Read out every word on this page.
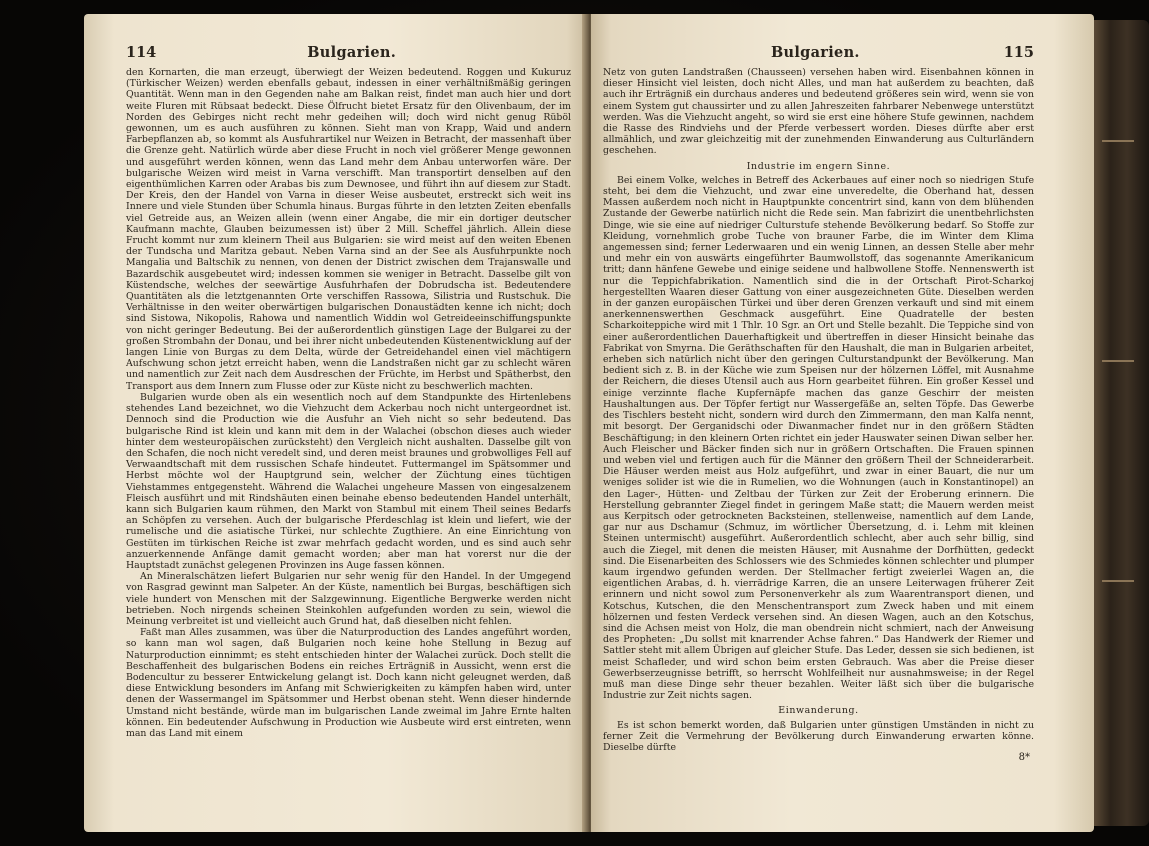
114	Bulgarien.

den Kornarten, die man erzeugt, überwiegt der Weizen bedeutend. Roggen und Kukuruz (Türkischer Weizen) werden ebenfalls gebaut, indessen in einer verhältnißmäßig geringen Quantität. Wenn man in den Gegenden nahe am Balkan reist, findet man auch hier und dort weite Fluren mit Rübsaat bedeckt. Diese Ölfrucht bietet Ersatz für den Olivenbaum, der im Norden des Gebirges nicht recht mehr gedeihen will; doch wird nicht genug Rüböl gewonnen, um es auch ausführen zu können. Sieht man von Krapp, Waid und andern Farbepflanzen ab, so kommt als Ausfuhrartikel nur Weizen in Betracht, der massenhaft über die Grenze geht. Natürlich würde aber diese Frucht in noch viel größerer Menge gewonnen und ausgeführt werden können, wenn das Land mehr dem Anbau unterworfen wäre. Der bulgarische Weizen wird meist in Varna verschifft. Man transportirt denselben auf den eigenthümlichen Karren oder Arabas bis zum Dewnosee, und führt ihn auf diesem zur Stadt. Der Kreis, den der Handel von Varna in dieser Weise ausbeutet, erstreckt sich weit ins Innere und viele Stunden über Schumla hinaus. Burgas führte in den letzten Zeiten ebenfalls viel Getreide aus, an Weizen allein (wenn einer Angabe, die mir ein dortiger deutscher Kaufmann machte, Glauben beizumessen ist) über 2 Mill. Scheffel jährlich. Allein diese Frucht kommt nur zum kleinern Theil aus Bulgarien: sie wird meist auf den weiten Ebenen der Tundscha und Maritza gebaut. Neben Varna sind an der See als Ausfuhrpunkte noch Mangalia und Baltschik zu nennen, von denen der District zwischen dem Trajanswalle und Bazardschik ausgebeutet wird; indessen kommen sie weniger in Betracht. Dasselbe gilt von Küstendsche, welches der seewärtige Ausfuhrhafen der Dobrudscha ist. Bedeutendere Quantitäten als die letztgenannten Orte verschiffen Rassowa, Silistria und Rustschuk. Die Verhältnisse in den weiter oberwärtigen bulgarischen Donaustädten kenne ich nicht; doch sind Sistowa, Nikopolis, Rahowa und namentlich Widdin wol Getreideeinschiffungspunkte von nicht geringer Bedeutung. Bei der außerordentlich günstigen Lage der Bulgarei zu der großen Strombahn der Donau, und bei ihrer nicht unbedeutenden Küstenentwicklung auf der langen Linie von Burgas zu dem Delta, würde der Getreidehandel einen viel mächtigern Aufschwung schon jetzt erreicht haben, wenn die Landstraßen nicht gar zu schlecht wären und namentlich zur Zeit nach dem Ausdreschen der Früchte, im Herbst und Spätherbst, den Transport aus dem Innern zum Flusse oder zur Küste nicht zu beschwerlich machten.

Bulgarien wurde oben als ein wesentlich noch auf dem Standpunkte des Hirtenlebens stehendes Land bezeichnet, wo die Viehzucht dem Ackerbau noch nicht untergeordnet ist. Dennoch sind die Production wie die Ausfuhr an Vieh nicht so sehr bedeutend. Das bulgarische Rind ist klein und kann mit dem in der Walachei (obschon dieses auch wieder hinter dem westeuropäischen zurücksteht) den Vergleich nicht aushalten. Dasselbe gilt von den Schafen, die noch nicht veredelt sind, und deren meist braunes und grobwolliges Fell auf Verwaandtschaft mit dem russischen Schafe hindeutet. Futtermangel im Spätsommer und Herbst möchte wol der Hauptgrund sein, welcher der Züchtung eines tüchtigen Viehstammes entgegensteht. Während die Walachei ungeheure Massen von eingesalzenem Fleisch ausführt und mit Rindshäuten einen beinahe ebenso bedeutenden Handel unterhält, kann sich Bulgarien kaum rühmen, den Markt von Stambul mit einem Theil seines Bedarfs an Schöpfen zu versehen. Auch der bulgarische Pferdeschlag ist klein und liefert, wie der rumelische und die asiatische Türkei, nur schlechte Zugthiere. An eine Einrichtung von Gestüten im türkischen Reiche ist zwar mehrfach gedacht worden, und es sind auch sehr anzuerkennende Anfänge damit gemacht worden; aber man hat vorerst nur die der Hauptstadt zunächst gelegenen Provinzen ins Auge fassen können.

An Mineralschätzen liefert Bulgarien nur sehr wenig für den Handel. In der Umgegend von Rasgrad gewinnt man Salpeter. An der Küste, namentlich bei Burgas, beschäftigen sich viele hundert von Menschen mit der Salzgewinnung. Eigentliche Bergwerke werden nicht betrieben. Noch nirgends scheinen Steinkohlen aufgefunden worden zu sein, wiewol die Meinung verbreitet ist und vielleicht auch Grund hat, daß dieselben nicht fehlen.

Faßt man Alles zusammen, was über die Naturproduction des Landes angeführt worden, so kann man wol sagen, daß Bulgarien noch keine hohe Stellung in Bezug auf Naturproduction einnimmt; es steht entschieden hinter der Walachei zurück. Doch stellt die Beschaffenheit des bulgarischen Bodens ein reiches Erträgniß in Aussicht, wenn erst die Bodencultur zu besserer Entwickelung gelangt ist. Doch kann nicht geleugnet werden, daß diese Entwicklung besonders im Anfang mit Schwierigkeiten zu kämpfen haben wird, unter denen der Wassermangel im Spätsommer und Herbst obenan steht. Wenn dieser hindernde Umstand nicht bestände, würde man im bulgarischen Lande zweimal im Jahre Ernte halten können. Ein bedeutender Aufschwung in Production wie Ausbeute wird erst eintreten, wenn man das Land mit einem

Bulgarien.	115

Netz von guten Landstraßen (Chausseen) versehen haben wird. Eisenbahnen können in dieser Hinsicht viel leisten, doch nicht Alles, und man hat außerdem zu beachten, daß auch ihr Erträgniß ein durchaus anderes und bedeutend größeres sein wird, wenn sie von einem System gut chaussirter und zu allen Jahreszeiten fahrbarer Nebenwege unterstützt werden. Was die Viehzucht angeht, so wird sie erst eine höhere Stufe gewinnen, nachdem die Rasse des Rindviehs und der Pferde verbessert worden. Dieses dürfte aber erst allmählich, und zwar gleichzeitig mit der zunehmenden Einwanderung aus Culturländern geschehen.

Industrie im engern Sinne.

Bei einem Volke, welches in Betreff des Ackerbaues auf einer noch so niedrigen Stufe steht, bei dem die Viehzucht, und zwar eine unveredelte, die Oberhand hat, dessen Massen außerdem noch nicht in Hauptpunkte concentrirt sind, kann von dem blühenden Zustande der Gewerbe natürlich nicht die Rede sein. Man fabrizirt die unentbehrlichsten Dinge, wie sie eine auf niedriger Culturstufe stehende Bevölkerung bedarf. So Stoffe zur Kleidung, vornehmlich grobe Tuche von brauner Farbe, die im Winter dem Klima angemessen sind; ferner Lederwaaren und ein wenig Linnen, an dessen Stelle aber mehr und mehr ein von auswärts eingeführter Baumwollstoff, das sogenannte Amerikanicum tritt; dann hänfene Gewebe und einige seidene und halbwollene Stoffe. Nennenswerth ist nur die Teppichfabrikation. Namentlich sind die in der Ortschaft Pirot-Scharkoj hergestellten Waaren dieser Gattung von einer ausgezeichneten Güte. Dieselben werden in der ganzen europäischen Türkei und über deren Grenzen verkauft und sind mit einem anerkennenswerthen Geschmack ausgeführt. Eine Quadratelle der besten Scharkoiteppiche wird mit 1 Thlr. 10 Sgr. an Ort und Stelle bezahlt. Die Teppiche sind von einer außerordentlichen Dauerhaftigkeit und übertreffen in dieser Hinsicht beinahe das Fabrikat von Smyrna. Die Geräthschaften für den Haushalt, die man in Bulgarien arbeitet, erheben sich natürlich nicht über den geringen Culturstandpunkt der Bevölkerung. Man bedient sich z. B. in der Küche wie zum Speisen nur der hölzernen Löffel, mit Ausnahme der Reichern, die dieses Utensil auch aus Horn gearbeitet führen. Ein großer Kessel und einige verzinnte flache Kupfernäpfe machen das ganze Geschirr der meisten Haushaltungen aus. Der Töpfer fertigt nur Wassergefäße an, selten Töpfe. Das Gewerbe des Tischlers besteht nicht, sondern wird durch den Zimmermann, den man Kalfa nennt, mit besorgt. Der Gerganidschi oder Diwanmacher findet nur in den größern Städten Beschäftigung; in den kleinern Orten richtet ein jeder Hauswater seinen Diwan selber her. Auch Fleischer und Bäcker finden sich nur in größern Ortschaften. Die Frauen spinnen und weben viel und fertigen auch für die Männer den größern Theil der Schneiderarbeit. Die Häuser werden meist aus Holz aufgeführt, und zwar in einer Bauart, die nur um weniges solider ist wie die in Rumelien, wo die Wohnungen (auch in Konstantinopel) an den Lager-, Hütten- und Zeltbau der Türken zur Zeit der Eroberung erinnern. Die Herstellung gebrannter Ziegel findet in geringem Maße statt; die Mauern werden meist aus Kerpitsch oder getrockneten Backsteinen, stellenweise, namentlich auf dem Lande, gar nur aus Dschamur (Schmuz, im wörtlicher Übersetzung, d. i. Lehm mit kleinen Steinen untermischt) ausgeführt. Außerordentlich schlecht, aber auch sehr billig, sind auch die Ziegel, mit denen die meisten Häuser, mit Ausnahme der Dorfhütten, gedeckt sind. Die Eisenarbeiten des Schlossers wie des Schmiedes können schlechter und plumper kaum irgendwo gefunden werden. Der Stellmacher fertigt zweierlei Wagen an, die eigentlichen Arabas, d. h. vierrädrige Karren, die an unsere Leiterwagen früherer Zeit erinnern und nicht sowol zum Personenverkehr als zum Waarentransport dienen, und Kotschus, Kutschen, die den Menschentransport zum Zweck haben und mit einem hölzernen und festen Verdeck versehen sind. An diesen Wagen, auch an den Kotschus, sind die Achsen meist von Holz, die man obendrein nicht schmiert, nach der Anweisung des Propheten: „Du sollst mit knarrender Achse fahren.“ Das Handwerk der Riemer und Sattler steht mit allem Übrigen auf gleicher Stufe. Das Leder, dessen sie sich bedienen, ist meist Schafleder, und wird schon beim ersten Gebrauch. Was aber die Preise dieser Gewerbserzeugnisse betrifft, so herrscht Wohlfeilheit nur ausnahmsweise; in der Regel muß man diese Dinge sehr theuer bezahlen. Weiter läßt sich über die bulgarische Industrie zur Zeit nichts sagen.

Einwanderung.

Es ist schon bemerkt worden, daß Bulgarien unter günstigen Umständen in nicht zu ferner Zeit die Vermehrung der Bevölkerung durch Einwanderung erwarten könne. Dieselbe dürfte

8*
